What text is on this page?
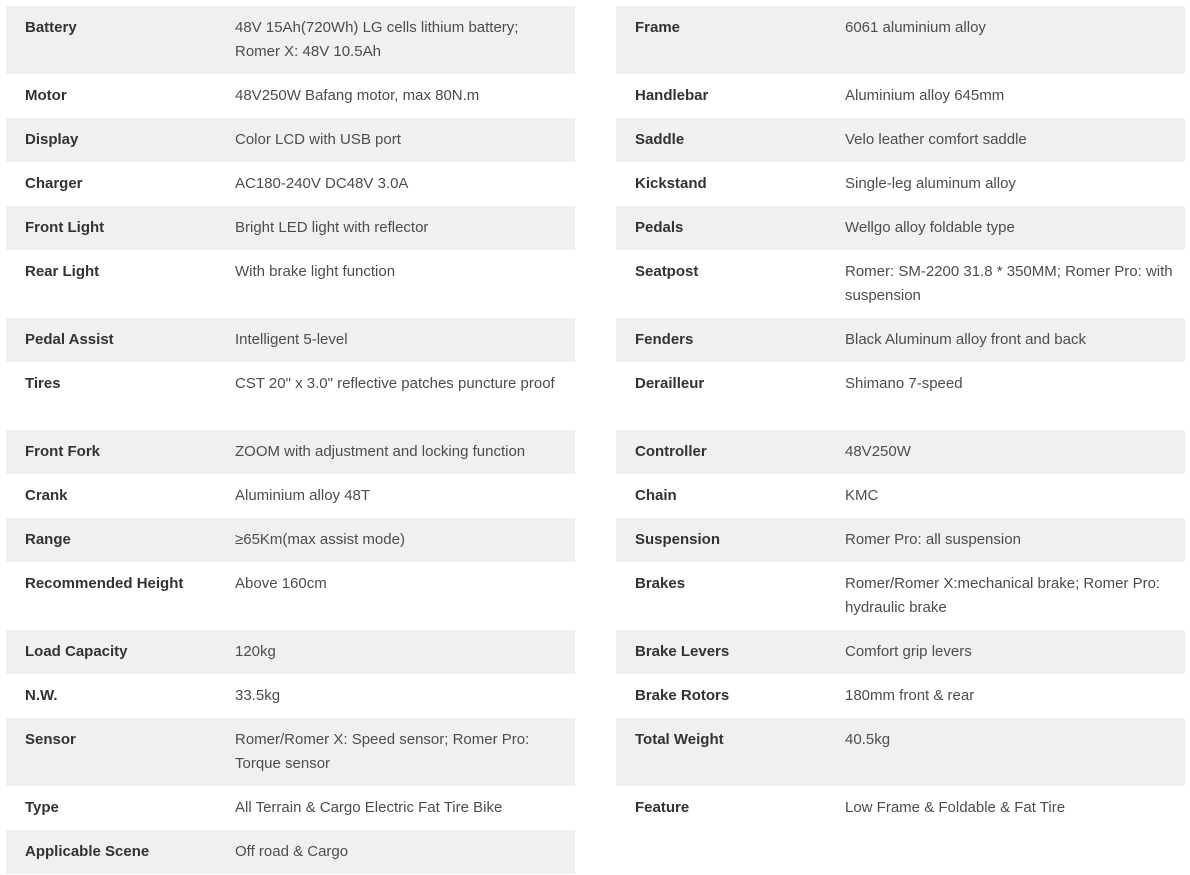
Battery	48V 15Ah(720Wh) LG cells lithium battery; Romer X: 48V 10.5Ah
Motor	48V250W Bafang motor, max 80N.m
Display	Color LCD with USB port
Charger	AC180-240V DC48V 3.0A
Front Light	Bright LED light with reflector
Rear Light	With brake light function
Pedal Assist	Intelligent 5-level
Tires	CST 20" x 3.0" reflective patches puncture proof
Front Fork	ZOOM with adjustment and locking function
Crank	Aluminium alloy 48T
Range	≥65Km(max assist mode)
Recommended Height	Above 160cm
Load Capacity	120kg
N.W.	33.5kg
Sensor	Romer/Romer X: Speed sensor; Romer Pro: Torque sensor
Type	All Terrain & Cargo Electric Fat Tire Bike
Applicable Scene	Off road & Cargo
Frame	6061 aluminium alloy
Handlebar	Aluminium alloy 645mm
Saddle	Velo leather comfort saddle
Kickstand	Single-leg aluminum alloy
Pedals	Wellgo alloy foldable type
Seatpost	Romer: SM-2200 31.8 * 350MM; Romer Pro: with suspension
Fenders	Black Aluminum alloy front and back
Derailleur	Shimano 7-speed
Controller	48V250W
Chain	KMC
Suspension	Romer Pro: all suspension
Brakes	Romer/Romer X:mechanical brake; Romer Pro: hydraulic brake
Brake Levers	Comfort grip levers
Brake Rotors	180mm front & rear
Total Weight	40.5kg
Feature	Low Frame & Foldable & Fat Tire
